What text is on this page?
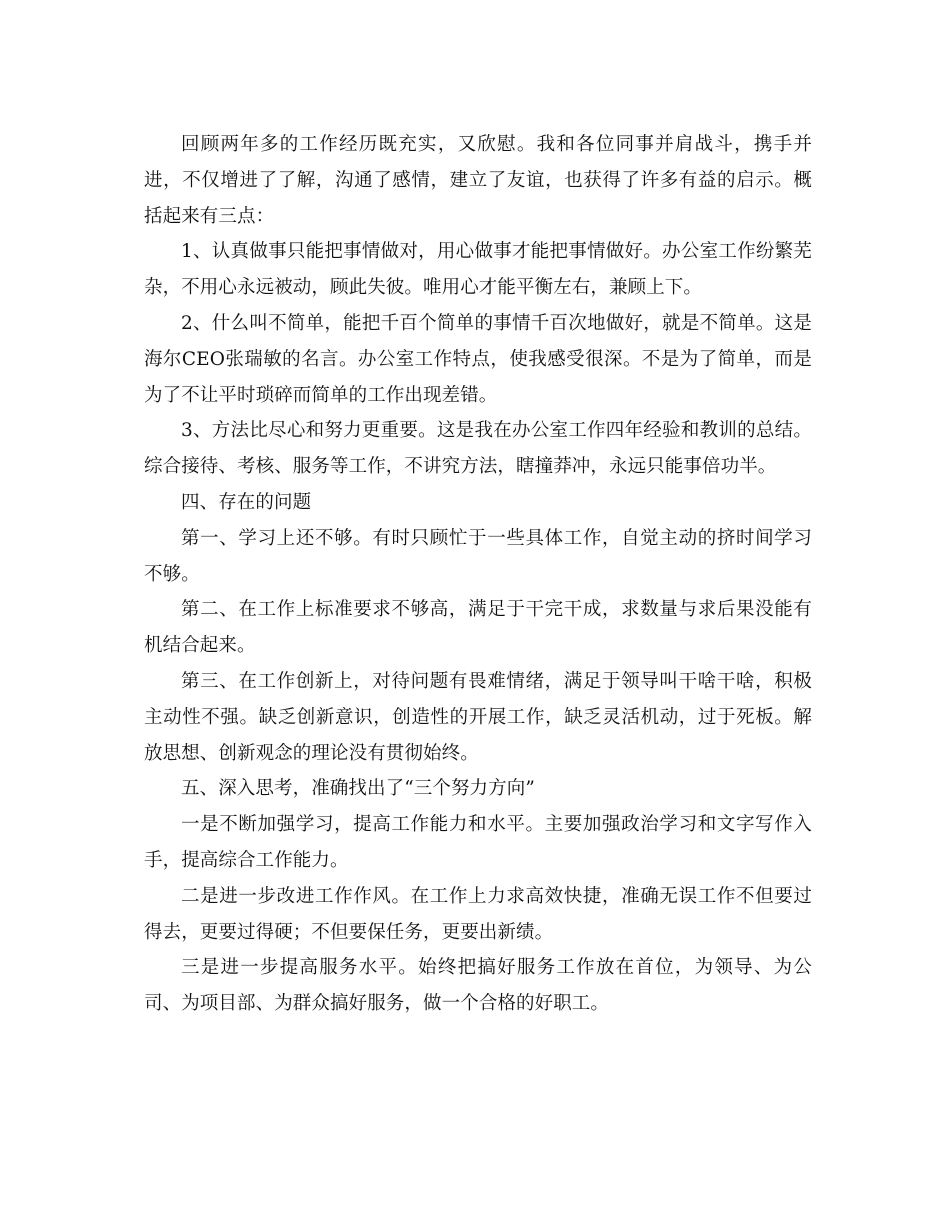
回顾两年多的工作经历既充实，又欣慰。我和各位同事并肩战斗，携手并进，不仅增进了了解，沟通了感情，建立了友谊，也获得了许多有益的启示。概括起来有三点：

1、认真做事只能把事情做对，用心做事才能把事情做好。办公室工作纷繁芜杂，不用心永远被动，顾此失彼。唯用心才能平衡左右，兼顾上下。

2、什么叫不简单，能把千百个简单的事情千百次地做好，就是不简单。这是海尔CEO张瑞敏的名言。办公室工作特点，使我感受很深。不是为了简单，而是为了不让平时琐碎而简单的工作出现差错。

3、方法比尽心和努力更重要。这是我在办公室工作四年经验和教训的总结。综合接待、考核、服务等工作，不讲究方法，瞎撞莽冲，永远只能事倍功半。

四、存在的问题

第一、学习上还不够。有时只顾忙于一些具体工作，自觉主动的挤时间学习不够。

第二、在工作上标准要求不够高，满足于干完干成，求数量与求后果没能有机结合起来。

第三、在工作创新上，对待问题有畏难情绪，满足于领导叫干啥干啥，积极主动性不强。缺乏创新意识，创造性的开展工作，缺乏灵活机动，过于死板。解放思想、创新观念的理论没有贯彻始终。

五、深入思考，准确找出了“三个努力方向”

一是不断加强学习，提高工作能力和水平。主要加强政治学习和文字写作入手，提高综合工作能力。

二是进一步改进工作作风。在工作上力求高效快捷，准确无误工作不但要过得去，更要过得硬；不但要保任务，更要出新绩。

三是进一步提高服务水平。始终把搞好服务工作放在首位，为领导、为公司、为项目部、为群众搞好服务，做一个合格的好职工。
